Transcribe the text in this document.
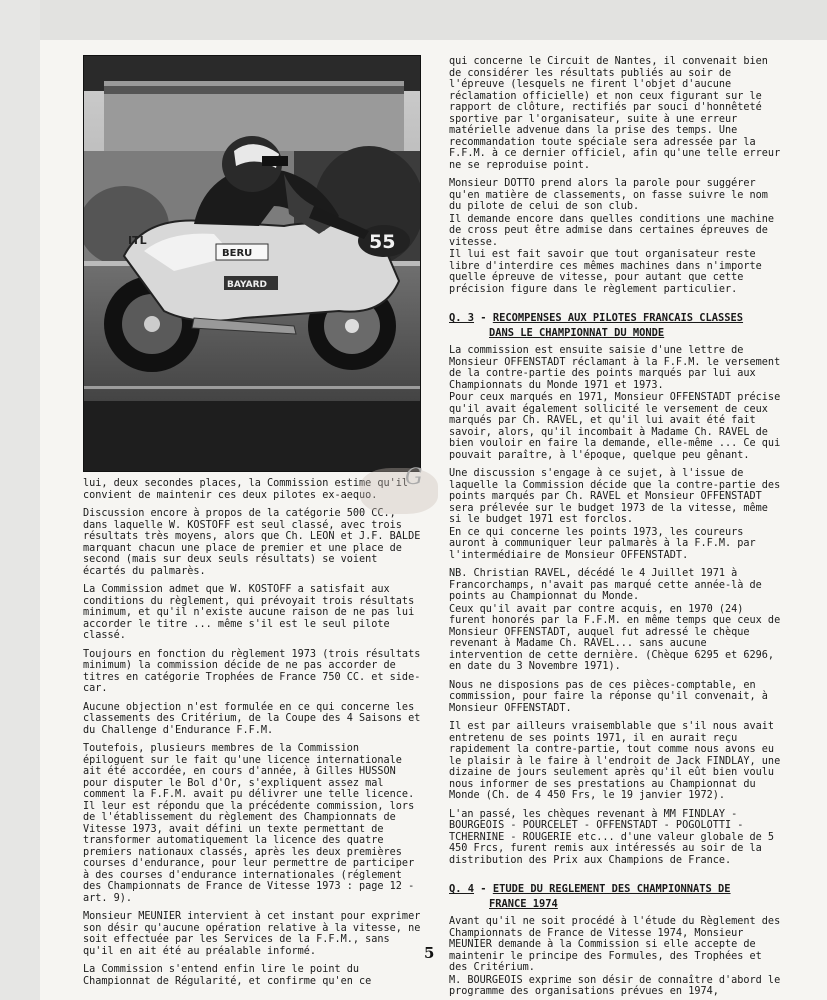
55
ITL
BERU
BAYARD

lui, deux secondes places, la Commission estime qu'il convient de maintenir ces deux pilotes ex-aequo.

Discussion encore à propos de la catégorie 500 CC., dans laquelle W. KOSTOFF est seul classé, avec trois résultats très moyens, alors que Ch. LEON et J.F. BALDE marquant chacun une place de premier et une place de second (mais sur deux seuls résultats) se voient écartés du palmarès.

La Commission admet que W. KOSTOFF a satisfait aux conditions du règlement, qui prévoyait trois résultats minimum, et qu'il n'existe aucune raison de ne pas lui accorder le titre ... même s'il est le seul pilote classé.

Toujours en fonction du règlement 1973 (trois résultats minimum) la commission décide de ne pas accorder de titres en catégorie Trophées de France 750 CC. et side-car.

Aucune objection n'est formulée en ce qui concerne les classements des Critérium, de la Coupe des 4 Saisons et du Challenge d'Endurance F.F.M.

Toutefois, plusieurs membres de la Commission épiloguent sur le fait qu'une licence internationale ait été accordée, en cours d'année, à Gilles HUSSON pour disputer le Bol d'Or, s'expliquent assez mal comment la F.F.M. avait pu délivrer une telle licence. Il leur est répondu que la précédente commission, lors de l'établissement du règlement des Championnats de Vitesse 1973, avait défini un texte permettant de transformer automatiquement la licence des quatre premiers nationaux classés, après les deux premières courses d'endurance, pour leur permettre de participer à des courses d'endurance internationales (réglement des Championnats de France de Vitesse 1973 : page 12 - art. 9).

Monsieur MEUNIER intervient à cet instant pour exprimer son désir qu'aucune opération relative à la vitesse, ne soit effectuée par les Services de la F.F.M., sans qu'il en ait été au préalable informé.

La Commission s'entend enfin lire le point du Championnat de Régularité, et confirme qu'en ce

qui concerne le Circuit de Nantes, il convenait bien de considérer les résultats publiés au soir de l'épreuve (lesquels ne firent l'objet d'aucune réclamation officielle) et non ceux figurant sur le rapport de clôture, rectifiés par souci d'honnêteté sportive par l'organisateur, suite à une erreur matérielle advenue dans la prise des temps. Une recommandation toute spéciale sera adressée par la F.F.M. à ce dernier officiel, afin qu'une telle erreur ne se reproduise point.

Monsieur DOTTO prend alors la parole pour suggérer qu'en matière de classements, on fasse suivre le nom du pilote de celui de son club.

Il demande encore dans quelles conditions une machine de cross peut être admise dans certaines épreuves de vitesse.

Il lui est fait savoir que tout organisateur reste libre d'interdire ces mêmes machines dans n'importe quelle épreuve de vitesse, pour autant que cette précision figure dans le règlement particulier.

Q. 3 - RECOMPENSES AUX PILOTES FRANCAIS CLASSES
DANS LE CHAMPIONNAT DU MONDE

La commission est ensuite saisie d'une lettre de Monsieur OFFENSTADT réclamant à la F.F.M. le versement de la contre-partie des points marqués par lui aux Championnats du Monde 1971 et 1973.

Pour ceux marqués en 1971, Monsieur OFFENSTADT précise qu'il avait également sollicité le versement de ceux marqués par Ch. RAVEL, et qu'il lui avait été fait savoir, alors, qu'il incombait à Madame Ch. RAVEL de bien vouloir en faire la demande, elle-même ... Ce qui pouvait paraître, à l'époque, quelque peu gênant.

Une discussion s'engage à ce sujet, à l'issue de laquelle la Commission décide que la contre-partie des points marqués par Ch. RAVEL et Monsieur OFFENSTADT sera prélevée sur le budget 1973 de la vitesse, même si le budget 1971 est forclos.

En ce qui concerne les points 1973, les coureurs auront à communiquer leur palmarès à la F.F.M. par l'intermédiaire de Monsieur OFFENSTADT.

NB. Christian RAVEL, décédé le 4 Juillet 1971 à Francorchamps, n'avait pas marqué cette année-là de points au Championnat du Monde.

Ceux qu'il avait par contre acquis, en 1970 (24) furent honorés par la F.F.M. en même temps que ceux de Monsieur OFFENSTADT, auquel fut adressé le chèque revenant à Madame Ch. RAVEL... sans aucune intervention de cette dernière. (Chèque 6295 et 6296, en date du 3 Novembre 1971).

Nous ne disposions pas de ces pièces-comptable, en commission, pour faire la réponse qu'il convenait, à Monsieur OFFENSTADT.

Il est par ailleurs vraisemblable que s'il nous avait entretenu de ses points 1971, il en aurait reçu rapidement la contre-partie, tout comme nous avons eu le plaisir à le faire à l'endroit de Jack FINDLAY, une dizaine de jours seulement après qu'il eût bien voulu nous informer de ses prestations au Championnat du Monde (Ch. de 4 450 Frs, le 19 janvier 1972).

L'an passé, les chèques revenant à MM FINDLAY - BOURGEOIS - POURCELET - OFFENSTADT - POGOLOTTI - TCHERNINE - ROUGERIE etc... d'une valeur globale de 5 450 Frcs, furent remis aux intéressés au soir de la distribution des Prix aux Champions de France.

Q. 4 - ETUDE DU REGLEMENT DES CHAMPIONNATS DE
FRANCE 1974

Avant qu'il ne soit procédé à l'étude du Règlement des Championnats de France de Vitesse 1974, Monsieur MEUNIER demande à la Commission si elle accepte de maintenir le principe des Formules, des Trophées et des Critérium.

M. BOURGEOIS exprime son désir de connaître d'abord le programme des organisations prévues en 1974,

G
5
